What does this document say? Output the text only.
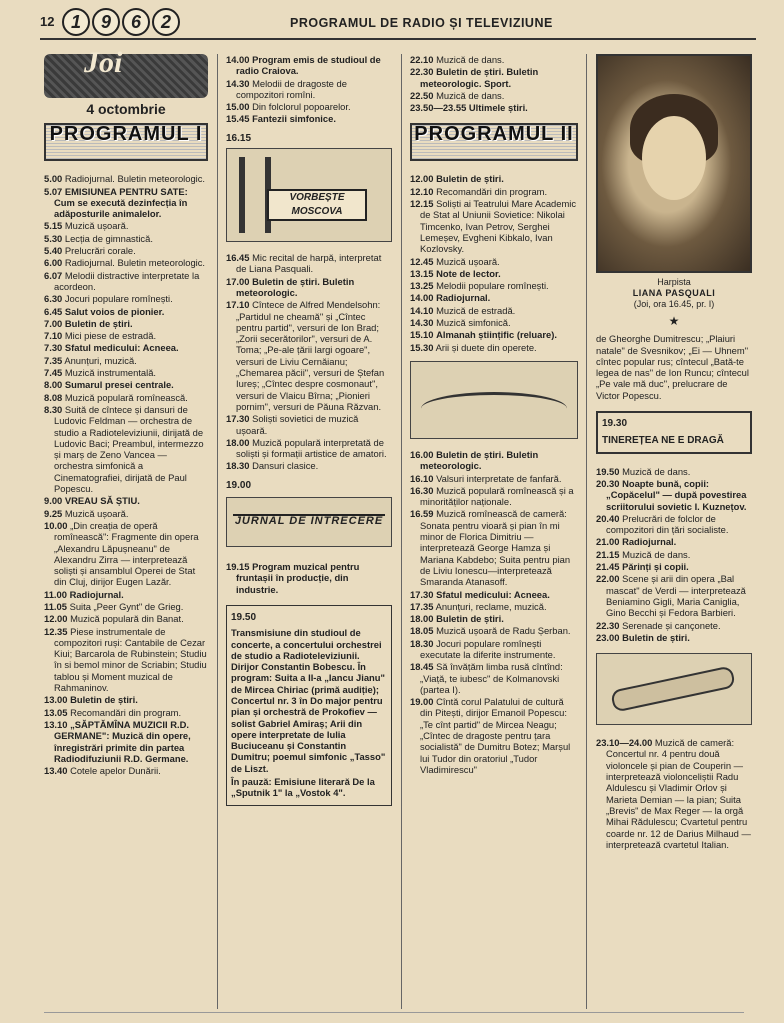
12 1	9	6	2	PROGRAMUL DE RADIO ȘI TELEVIZIUNE
Joi
4 octombrie
PROGRAMUL I
5.00 Radiojurnal. Buletin meteorologic.
5.07 EMISIUNEA PENTRU SATE: Cum se execută dezinfecția în adăposturile animalelor.
5.15 Muzică ușoară.
5.30 Lecția de gimnastică.
5.40 Prelucrări corale.
6.00 Radiojurnal. Buletin meteorologic.
6.07 Melodii distractive interpretate la acordeon.
6.30 Jocuri populare romînești.
6.45 Salut voios de pionier.
7.00 Buletin de știri.
7.10 Mici piese de estradă.
7.30 Sfatul medicului: Acneea.
7.35 Anunțuri, muzică.
7.45 Muzică instrumentală.
8.00 Sumarul presei centrale.
8.08 Muzică populară romînească.
8.30 Suită de cîntece și dansuri de Ludovic Feldman — orchestra de studio a Radioteleviziunii, dirijată de Ludovic Baci; Preambul, intermezzo și marș de Zeno Vancea — orchestra simfonică a Cinematografiei, dirijată de Paul Popescu.
9.00 VREAU SĂ ȘTIU.
9.25 Muzică ușoară.
10.00 „Din creația de operă romînească": Fragmente din opera „Alexandru Lăpușneanu" de Alexandru Zirra — interpretează soliști și ansamblul Operei de Stat din Cluj, dirijor Eugen Lazăr.
11.00 Radiojurnal.
11.05 Suita „Peer Gynt" de Grieg.
12.00 Muzică populară din Banat.
12.35 Piese instrumentale de compozitori ruși: Cantabile de Cezar Kiui; Barcarola de Rubinstein; Studiu în si bemol minor de Scriabin; Studiu tablou și Moment muzical de Rahmaninov.
13.00 Buletin de știri.
13.05 Recomandări din program.
13.10 „SĂPTĂMÎNA MUZICII R.D. GERMANE": Muzică din opere, înregistrări primite din partea Radiodifuziunii R.D. Germane.
13.40 Cotele apelor Dunării.
14.00 Program emis de studioul de radio Craiova.
14.30 Melodii de dragoste de compozitori romîni.
15.00 Din folclorul popoarelor.
15.45 Fantezii simfonice.
16.15
VORBEȘTE MOSCOVA
16.45 Mic recital de harpă, interpretat de Liana Pasquali.
17.00 Buletin de știri. Buletin meteorologic.
17.10 Cîntece de Alfred Mendelsohn: „Partidul ne cheamă" și „Cîntec pentru partid", versuri de Ion Brad; „Zorii secerătorilor", versuri de A. Toma; „Pe-ale țării largi ogoare", versuri de Liviu Cernăianu; „Chemarea păcii", versuri de Ștefan Iureș; „Cîntec despre cosmonaut", versuri de Vlaicu Bîrna; „Pionieri pornim", versuri de Păuna Răzvan.
17.30 Soliști sovietici de muzică ușoară.
18.00 Muzică populară interpretată de soliști și formații artistice de amatori.
18.30 Dansuri clasice.
19.00
JURNAL DE ÎNTRECERE
19.15 Program muzical pentru fruntașii în producție, din industrie.
19.50
Transmisiune din studioul de concerte, a concertului orchestrei de studio a Radioteleviziunii. Dirijor Constantin Bobescu. În program: Suita a II-a „Iancu Jianu" de Mircea Chiriac (primă audiție); Concertul nr. 3 în Do major pentru pian și orchestră de Prokofiev — solist Gabriel Amiraș; Arii din opere interpretate de Iulia Buciuceanu și Constantin Dumitru; poemul simfonic „Tasso" de Liszt.
În pauză: Emisiune literară De la „Sputnik 1" la „Vostok 4".
22.10 Muzică de dans.
22.30 Buletin de știri. Buletin meteorologic. Sport.
22.50 Muzică de dans.
23.50—23.55 Ultimele știri.
PROGRAMUL II
12.00 Buletin de știri.
12.10 Recomandări din program.
12.15 Soliști ai Teatrului Mare Academic de Stat al Uniunii Sovietice: Nikolai Timcenko, Ivan Petrov, Serghei Lemeșev, Evgheni Kibkalo, Ivan Kozlovsky.
12.45 Muzică ușoară.
13.15 Note de lector.
13.25 Melodii populare romînești.
14.00 Radiojurnal.
14.10 Muzică de estradă.
14.30 Muzică simfonică.
15.10 Almanah științific (reluare).
15.30 Arii și duete din operete.
16.00 Buletin de știri. Buletin meteorologic.
16.10 Valsuri interpretate de fanfară.
16.30 Muzică populară romînească și a minorităților naționale.
16.59 Muzică romînească de cameră: Sonata pentru vioară și pian în mi minor de Florica Dimitriu — interpretează George Hamza și Mariana Kabdebo; Suita pentru pian de Liviu Ionescu—interpretează Smaranda Atanasoff.
17.30 Sfatul medicului: Acneea.
17.35 Anunțuri, reclame, muzică.
18.00 Buletin de știri.
18.05 Muzică ușoară de Radu Șerban.
18.30 Jocuri populare romînești executate la diferite instrumente.
18.45 Să învățăm limba rusă cîntînd: „Viață, te iubesc" de Kolmanovski (partea I).
19.00 Cîntă corul Palatului de cultură din Pitești, dirijor Emanoil Popescu: „Te cînt partid" de Mircea Neagu; „Cîntec de dragoste pentru țara socialistă" de Dumitru Botez; Marșul lui Tudor din oratoriul „Tudor Vladimirescu"
Harpista
LIANA PASQUALI
(Joi, ora 16.45, pr. I)
★
de Gheorghe Dumitrescu; „Plaiuri natale" de Svesnikov; „Ei — Uhnem" cîntec popular rus; cîntecul „Bată-te legea de nas" de Ion Runcu; cîntecul „Pe vale mă duc", prelucrare de Victor Popescu.
19.30
TINEREȚEA NE E DRAGĂ
19.50 Muzică de dans.
20.30 Noapte bună, copii: „Copăcelul" — după povestirea scriitorului sovietic I. Kuznețov.
20.40 Prelucrări de folclor de compozitori din țări socialiste.
21.00 Radiojurnal.
21.15 Muzică de dans.
21.45 Părinți și copii.
22.00 Scene și arii din opera „Bal mascat" de Verdi — interpretează Beniamino Gigli, Maria Caniglia, Gino Becchi și Fedora Barbieri.
22.30 Serenade și cançonete.
23.00 Buletin de știri.
23.10—24.00 Muzică de cameră: Concertul nr. 4 pentru două violoncele și pian de Couperin — interpretează violonceliștii Radu Aldulescu și Vladimir Orlov și Marieta Demian — la pian; Suita „Brevis" de Max Reger — la orgă Mihai Rădulescu; Cvartetul pentru coarde nr. 12 de Darius Milhaud — interpretează cvartetul Italian.
